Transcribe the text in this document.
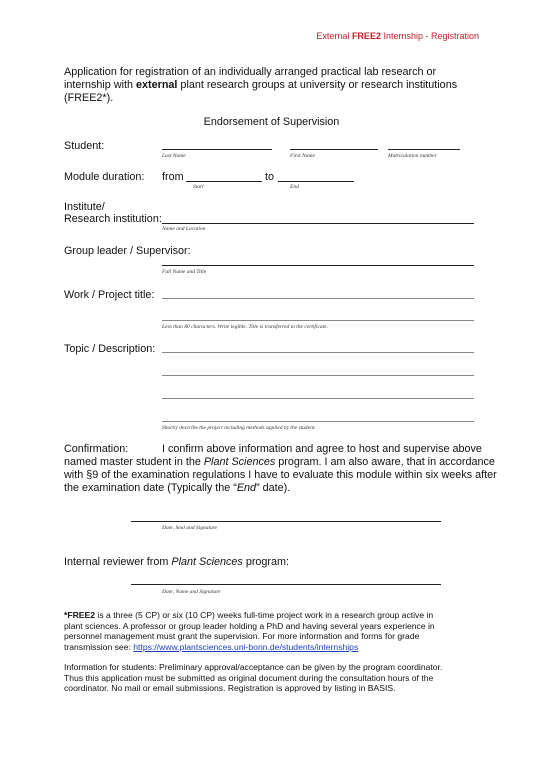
External FREE2 Internship - Registration
Application for registration of an individually arranged practical lab research or
internship with external plant research groups at university or research institutions
(FREE2*).
Endorsement of Supervision
Student:
Last Name	First Name	Matriculation number
Module duration: from	to
Start	End
Institute/
Research institution:
Name and Location
Group leader / Supervisor:
Full Name and Title
Work / Project title:
Less than 80 characters. Write legible. Title is transferred to the certificate.
Topic / Description:
Shortly describe the project including methods applied by the student.
Confirmation:	I confirm above information and agree to host and supervise above
named master student in the Plant Sciences program. I am also aware, that in accordance
with §9 of the examination regulations I have to evaluate this module within six weeks after
the examination date (Typically the “End” date).
Date, Seal and Signature
Internal reviewer from Plant Sciences program:
Date, Name and Signature
*FREE2 is a three (5 CP) or six (10 CP) weeks full-time project work in a research group active in
plant sciences. A professor or group leader holding a PhD and having several years experience in
personnel management must grant the supervision. For more information and forms for grade
transmission see: https://www.plantsciences.uni-bonn.de/students/internships
Information for students: Preliminary approval/acceptance can be given by the program coordinator.
Thus this application must be submitted as original document during the consultation hours of the
coordinator. No mail or email submissions. Registration is approved by listing in BASIS.
